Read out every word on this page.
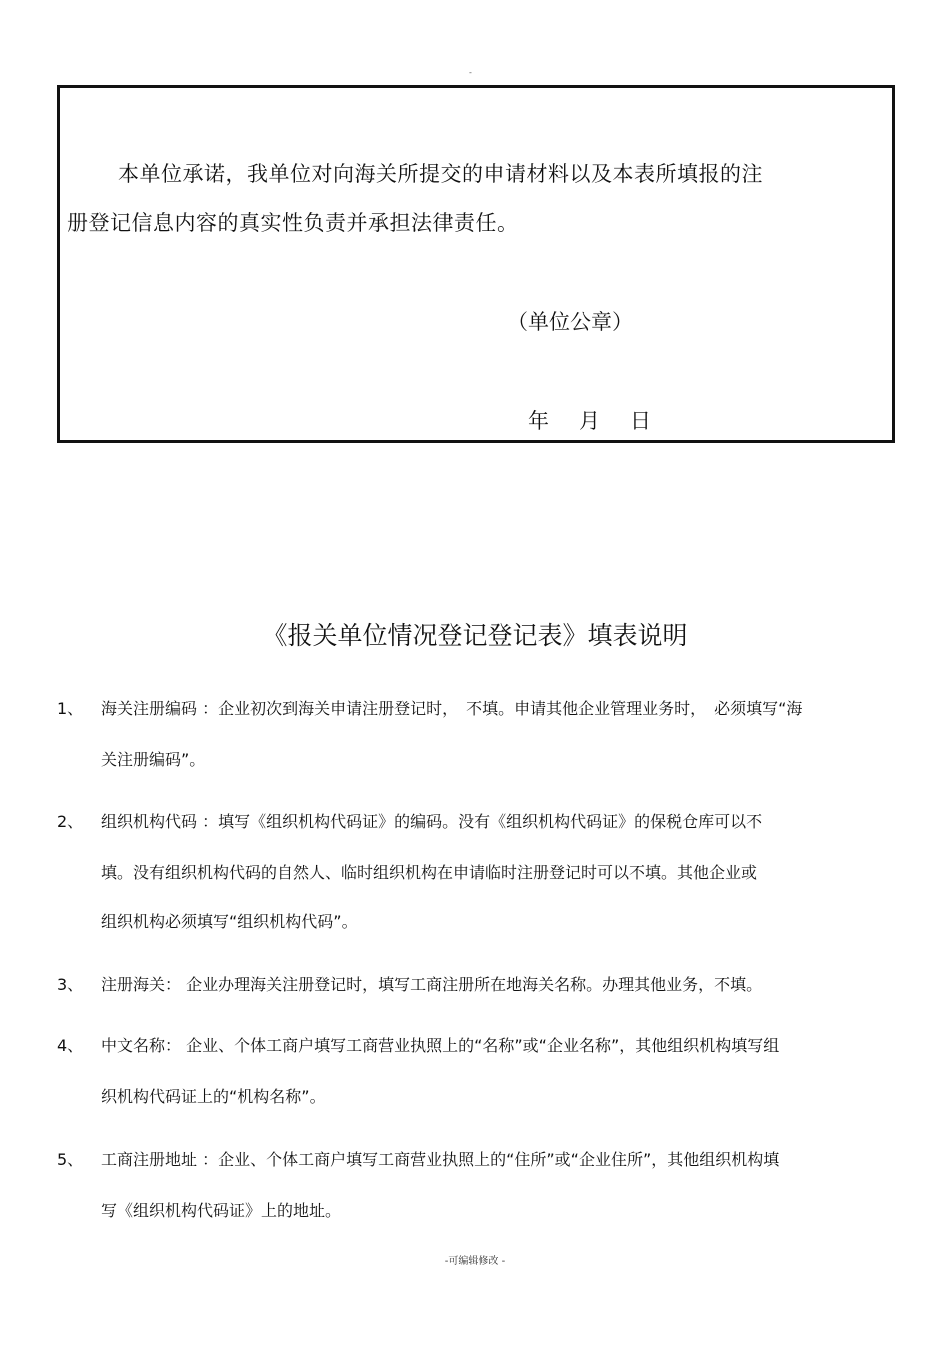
-
本单位承诺，我单位对向海关所提交的申请材料以及本表所填报的注
册登记信息内容的真实性负责并承担法律责任。
（单位公章）
年 月 日
《报关单位情况登记登记表》填表说明
1、 海关注册编码 ：企业初次到海关申请注册登记时，　不填。申请其他企业管理业务时，　必须填写“海
关注册编码”。
2、 组织机构代码 ：填写《组织机构代码证》的编码。没有《组织机构代码证》的保税仓库可以不
填。没有组织机构代码的自然人、临时组织机构在申请临时注册登记时可以不填。其他企业或
组织机构必须填写“组织机构代码”。
3、 注册海关： 企业办理海关注册登记时，填写工商注册所在地海关名称。办理其他业务，不填。
4、 中文名称： 企业、个体工商户填写工商营业执照上的“名称”或“企业名称”，其他组织机构填写组
织机构代码证上的“机构名称”。
5、 工商注册地址 ：企业、个体工商户填写工商营业执照上的“住所”或“企业住所”，其他组织机构填
写《组织机构代码证》上的地址。
-可编辑修改 -
